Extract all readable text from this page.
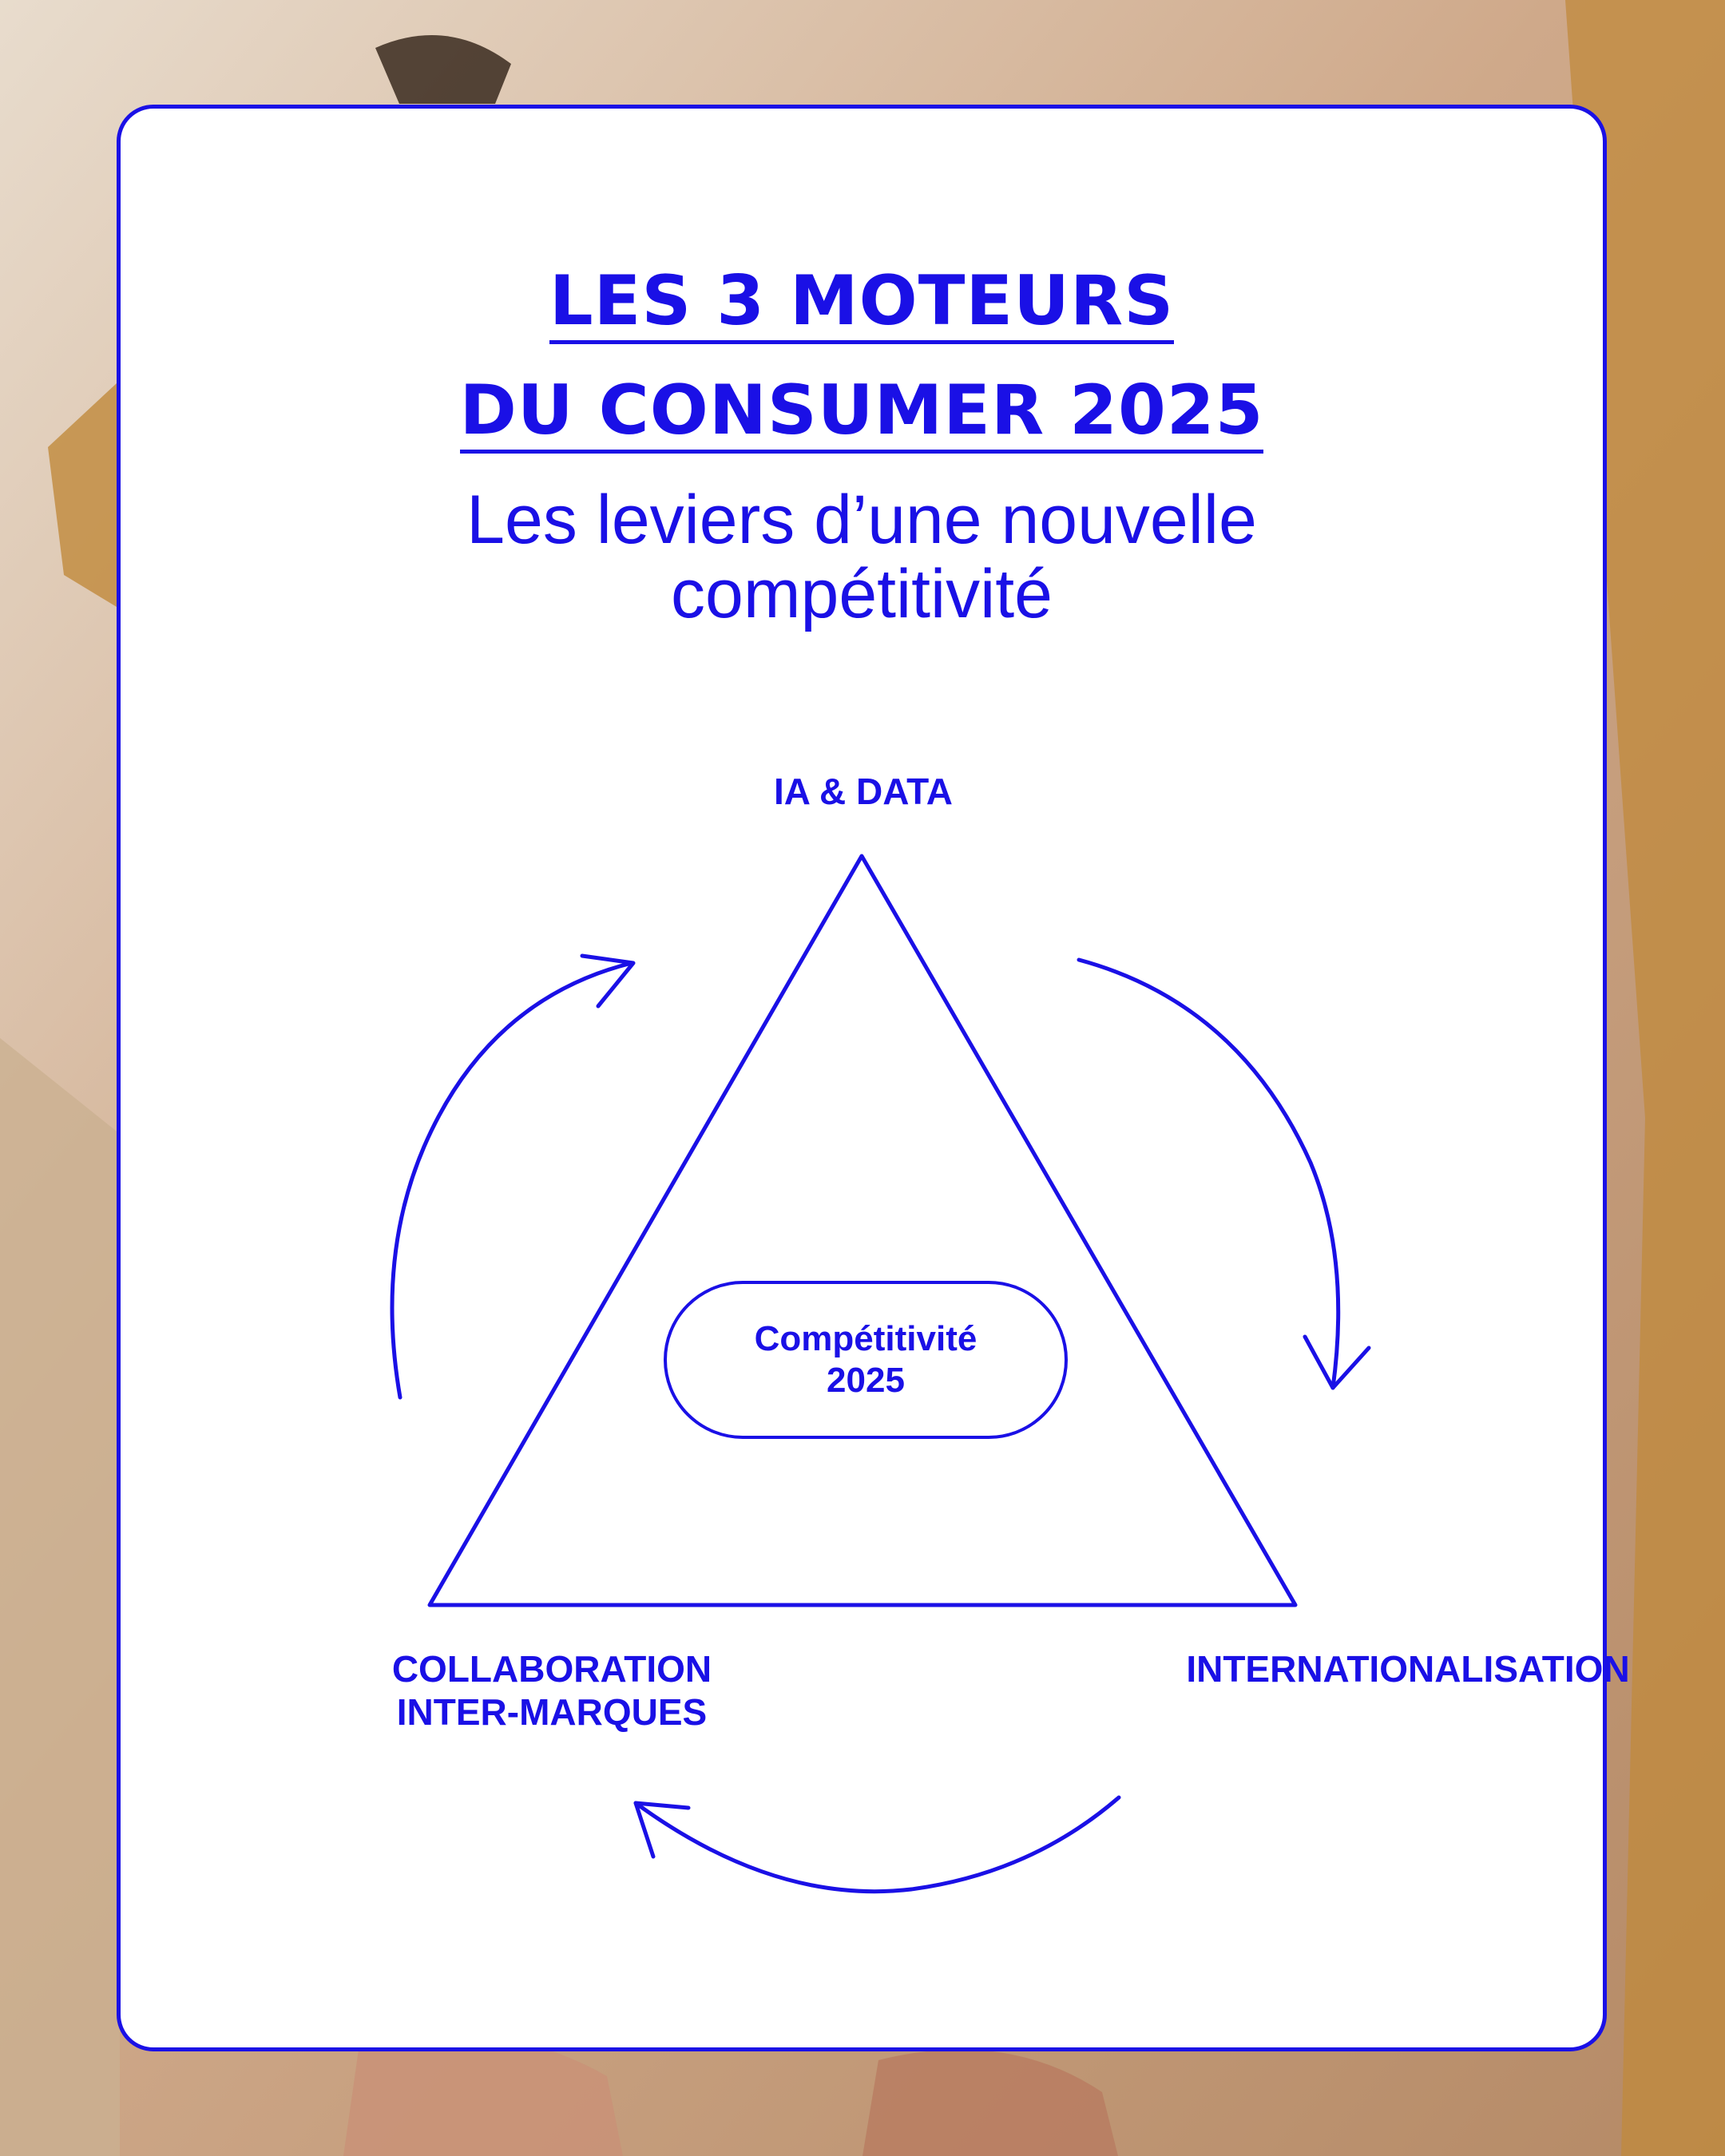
LES 3 MOTEURS
DU CONSUMER 2025
Les leviers d’une nouvelle
compétitivité
IA & DATA
COLLABORATION
INTER-MARQUES
INTERNATIONALISATION
Compétitivité
2025
